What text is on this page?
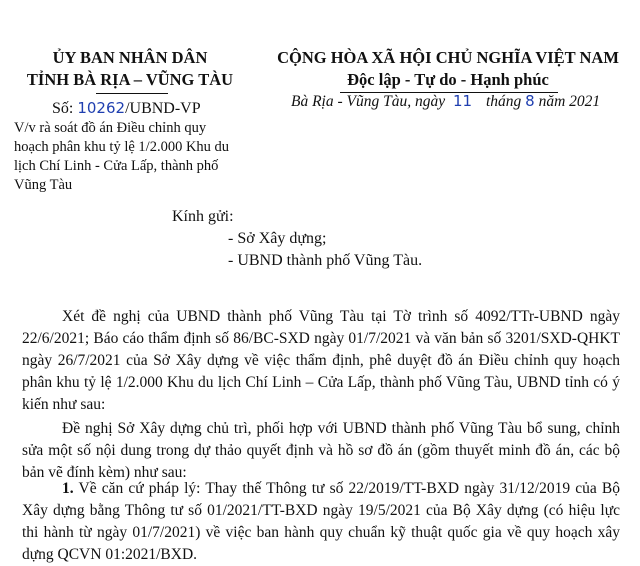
ỦY BAN NHÂN DÂN
TỈNH BÀ RỊA – VŨNG TÀU
Số: 10262/UBND-VP
V/v rà soát đồ án Điều chỉnh quy
hoạch phân khu tỷ lệ 1/2.000 Khu du
lịch Chí Linh - Cửa Lấp, thành phố
Vũng Tàu
CỘNG HÒA XÃ HỘI CHỦ NGHĨA VIỆT NAM
Độc lập - Tự do - Hạnh phúc
Bà Rịa - Vũng Tàu, ngày 11 tháng 8 năm 2021
Kính gửi:
- Sở Xây dựng;
- UBND thành phố Vũng Tàu.
Xét đề nghị của UBND thành phố Vũng Tàu tại Tờ trình số 4092/TTr-UBND ngày 22/6/2021; Báo cáo thẩm định số 86/BC-SXD ngày 01/7/2021 và văn bản số 3201/SXD-QHKT ngày 26/7/2021 của Sở Xây dựng về việc thẩm định, phê duyệt đồ án Điều chỉnh quy hoạch phân khu tỷ lệ 1/2.000 Khu du lịch Chí Linh – Cửa Lấp, thành phố Vũng Tàu, UBND tỉnh có ý kiến như sau:
Đề nghị Sở Xây dựng chủ trì, phối hợp với UBND thành phố Vũng Tàu bổ sung, chỉnh sửa một số nội dung trong dự thảo quyết định và hồ sơ đồ án (gồm thuyết minh đồ án, các bộ bản vẽ đính kèm) như sau:
1. Về căn cứ pháp lý: Thay thế Thông tư số 22/2019/TT-BXD ngày 31/12/2019 của Bộ Xây dựng bằng Thông tư số 01/2021/TT-BXD ngày 19/5/2021 của Bộ Xây dựng (có hiệu lực thi hành từ ngày 01/7/2021) về việc ban hành quy chuẩn kỹ thuật quốc gia về quy hoạch xây dựng QCVN 01:2021/BXD.
